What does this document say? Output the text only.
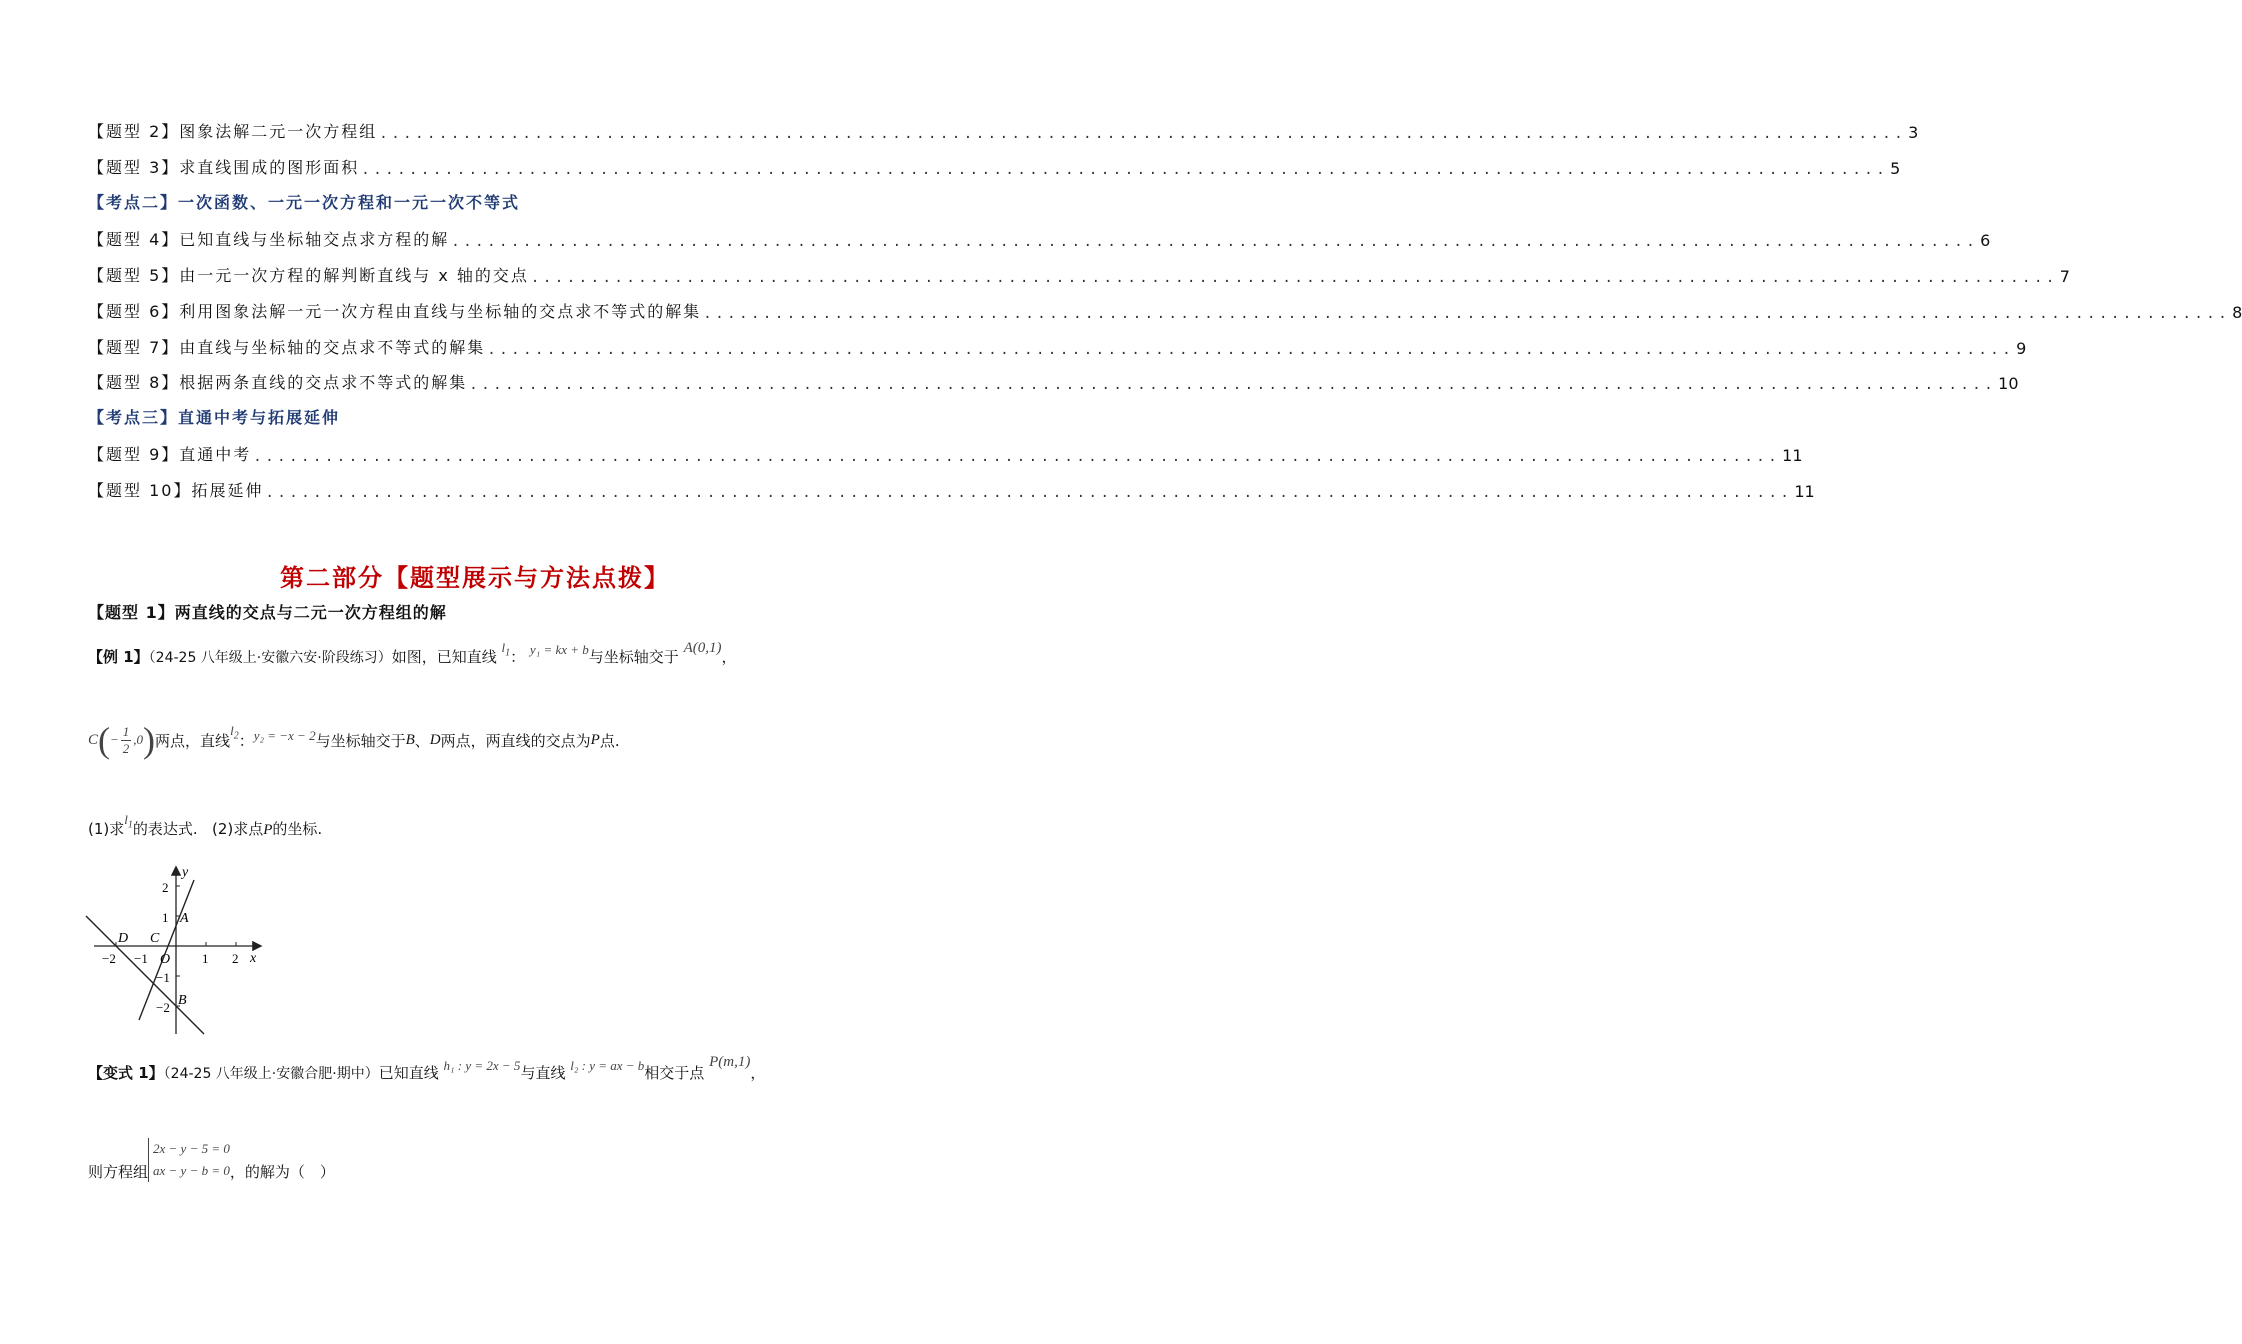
【题型 2】图象法解二元一次方程组 ................................................................................................................................ 3
【题型 3】求直线围成的图形面积 ................................................................................................................................ 5
【考点二】一次函数、一元一次方程和一元一次不等式
【题型 4】已知直线与坐标轴交点求方程的解 ................................................................................................................................ 6
【题型 5】由一元一次方程的解判断直线与 x 轴的交点 ................................................................................................................................ 7
【题型 6】利用图象法解一元一次方程由直线与坐标轴的交点求不等式的解集 ................................................................................................................................ 8
【题型 7】由直线与坐标轴的交点求不等式的解集 ................................................................................................................................ 9
【题型 8】根据两条直线的交点求不等式的解集 ................................................................................................................................ 10
【考点三】直通中考与拓展延伸
【题型 9】直通中考 ................................................................................................................................ 11
【题型 10】拓展延伸 ................................................................................................................................ 11
第二部分【题型展示与方法点拨】
【题型 1】两直线的交点与二元一次方程组的解
【例 1】（24-25 八年级上·安徽六安·阶段练习）如图，已知直线 $l_1$： y₁ = kx + b与坐标轴交于 A(0,1)，
C ( − $\frac{1}{2} ,0$ ) 两点，直线
$l_2$ ： y₂ = −x − 2 与坐标轴交于 B 、 D 两点，两直线的交点为 P 点.
(1)求$l_1$的表达式. (2)求点P的坐标.
y
x
2
1
−1
−2
−2 −1	1 2
A
B
C
D
O
【变式 1】（24-25 八年级上·安徽合肥·期中）已知直线 h₁ : y = 2x − 5与直线 l₂ : y = ax − b相交于点 P(m,1)，
则方程组
2x − y − 5 = 0
ax − y − b = 0 ，的解为（　）
